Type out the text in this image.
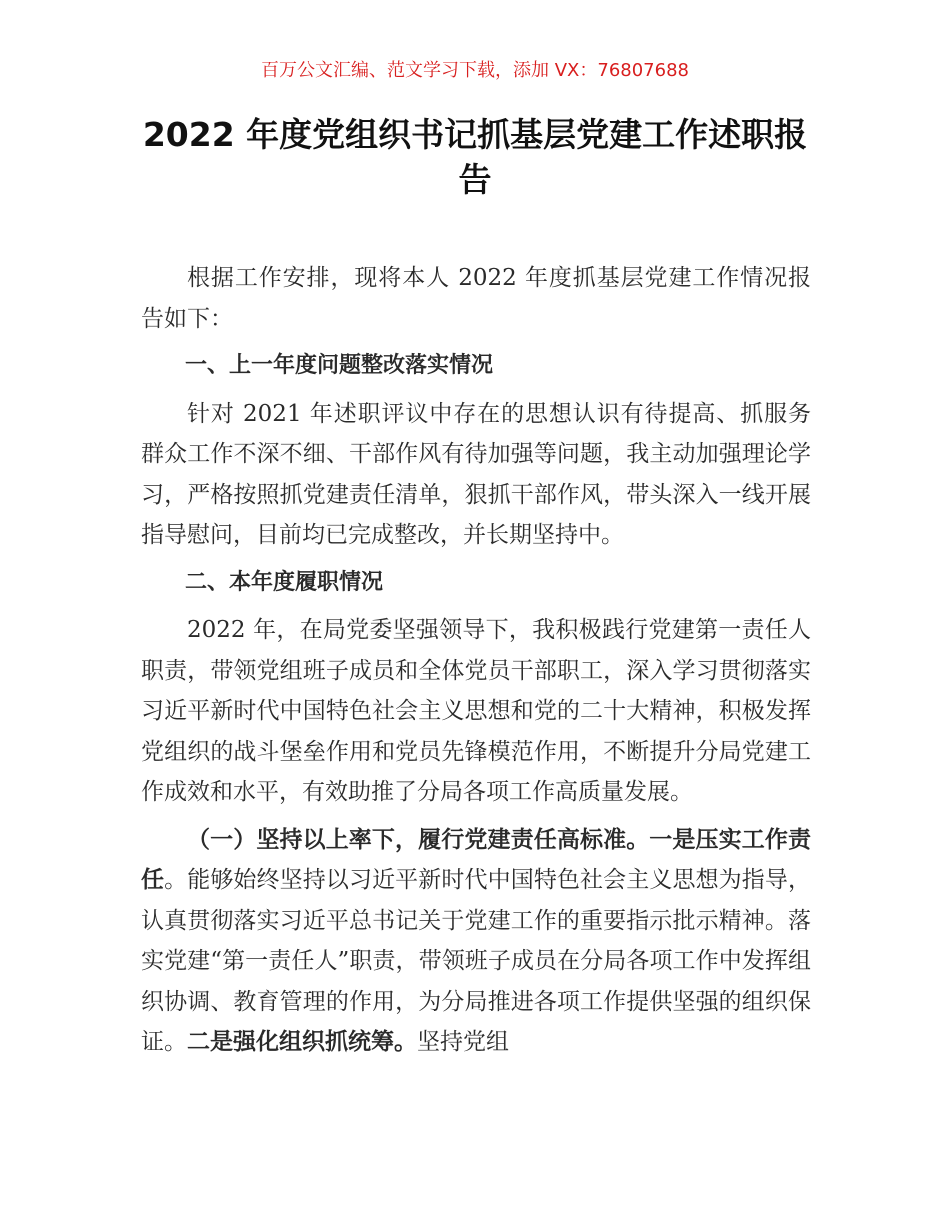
百万公文汇编、范文学习下载，添加 VX：76807688
2022 年度党组织书记抓基层党建工作述职报告

根据工作安排，现将本人 2022 年度抓基层党建工作情况报告如下：

一、上一年度问题整改落实情况

针对 2021 年述职评议中存在的思想认识有待提高、抓服务群众工作不深不细、干部作风有待加强等问题，我主动加强理论学习，严格按照抓党建责任清单，狠抓干部作风，带头深入一线开展指导慰问，目前均已完成整改，并长期坚持中。

二、本年度履职情况

2022 年，在局党委坚强领导下，我积极践行党建第一责任人职责，带领党组班子成员和全体党员干部职工，深入学习贯彻落实习近平新时代中国特色社会主义思想和党的二十大精神，积极发挥党组织的战斗堡垒作用和党员先锋模范作用，不断提升分局党建工作成效和水平，有效助推了分局各项工作高质量发展。

（一）坚持以上率下，履行党建责任高标准。一是压实工作责任。能够始终坚持以习近平新时代中国特色社会主义思想为指导，认真贯彻落实习近平总书记关于党建工作的重要指示批示精神。落实党建“第一责任人”职责，带领班子成员在分局各项工作中发挥组织协调、教育管理的作用，为分局推进各项工作提供坚强的组织保证。二是强化组织抓统筹。坚持党组
